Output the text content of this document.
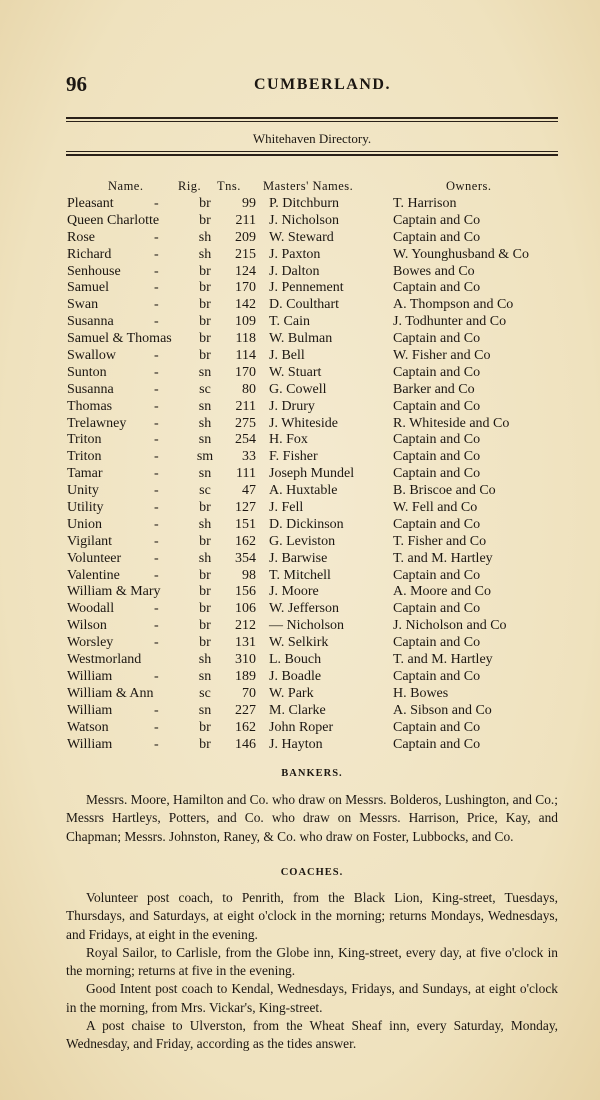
96	CUMBERLAND.
Whitehaven Directory.
Name.	Rig. Tns. Masters' Names.	Owners.
Pleasant	-	br	99 P. Ditchburn	T. Harrison
Queen Charlotte	br	211 J. Nicholson	Captain and Co
Rose	-	sh	209 W. Steward	Captain and Co
Richard	-	sh	215 J. Paxton	W. Younghusband & Co
Senhouse -	br	124 J. Dalton	Bowes and Co
Samuel	-	br	170 J. Pennement	Captain and Co
Swan	-	br	142 D. Coulthart	A. Thompson and Co
Susanna	-	br	109 T. Cain	J. Todhunter and Co
Samuel & Thomas	br	118 W. Bulman	Captain and Co
Swallow	-	br	114 J. Bell	W. Fisher and Co
Sunton	-	sn	170 W. Stuart	Captain and Co
Susanna	-	sc	80 G. Cowell	Barker and Co
Thomas	-	sn	211 J. Drury	Captain and Co
Trelawney -	sh	275 J. Whiteside	R. Whiteside and Co
Triton	-	sn	254 H. Fox	Captain and Co
Triton	-	sm	33 F. Fisher	Captain and Co
Tamar	-	sn	111 Joseph Mundel	Captain and Co
Unity	-	sc	47 A. Huxtable	B. Briscoe and Co
Utility	-	br	127 J. Fell	W. Fell and Co
Union	-	sh	151 D. Dickinson	Captain and Co
Vigilant	-	br	162 G. Leviston	T. Fisher and Co
Volunteer -	sh	354 J. Barwise	T. and M. Hartley
Valentine -	br	98 T. Mitchell	Captain and Co
William & Mary	br	156 J. Moore	A. Moore and Co
Woodall	-	br	106 W. Jefferson	Captain and Co
Wilson	-	br	212 — Nicholson	J. Nicholson and Co
Worsley	-	br	131 W. Selkirk	Captain and Co
Westmorland	sh	310 L. Bouch	T. and M. Hartley
William	-	sn	189 J. Boadle	Captain and Co
William & Ann	sc	70 W. Park	H. Bowes
William	-	sn	227 M. Clarke	A. Sibson and Co
Watson	-	br	162 John Roper	Captain and Co
William	-	br	146 J. Hayton	Captain and Co
BANKERS.

Messrs. Moore, Hamilton and Co. who draw on Messrs. Bolderos, Lushington, and Co.; Messrs Hartleys, Potters, and Co. who draw on Messrs. Harrison, Price, Kay, and Chapman; Messrs. Johnston, Raney, & Co. who draw on Foster, Lubbocks, and Co.

COACHES.

Volunteer post coach, to Penrith, from the Black Lion, King-street, Tuesdays, Thursdays, and Saturdays, at eight o'clock in the morning; returns Mondays, Wednesdays, and Fridays, at eight in the evening.

Royal Sailor, to Carlisle, from the Globe inn, King-street, every day, at five o'clock in the morning; returns at five in the evening.

Good Intent post coach to Kendal, Wednesdays, Fridays, and Sundays, at eight o'clock in the morning, from Mrs. Vickar's, King-street.

A post chaise to Ulverston, from the Wheat Sheaf inn, every Saturday, Monday, Wednesday, and Friday, according as the tides answer.
